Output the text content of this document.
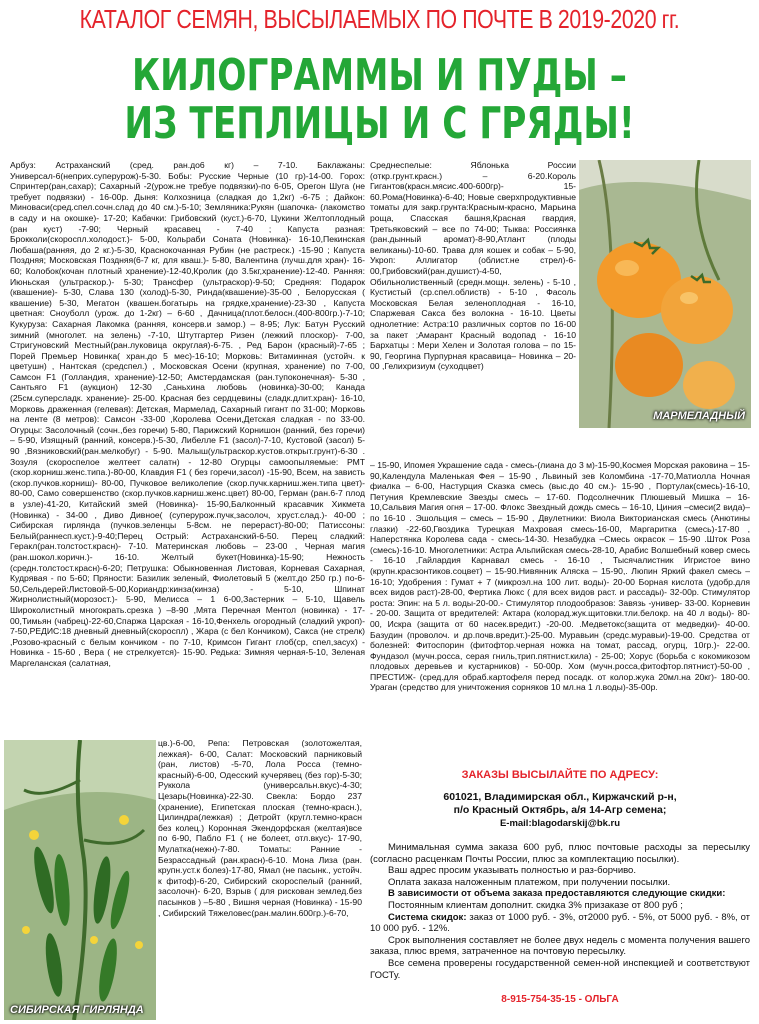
КАТАЛОГ СЕМЯН, ВЫСЫЛАЕМЫХ ПО ПОЧТЕ В 2019-2020 гг.
КИЛОГРАММЫ И ПУДЫ –
ИЗ ТЕПЛИЦЫ И С ГРЯДЫ!

Арбуз: Астраханский (сред. ран.до6 кг) – 7-10. Баклажаны: Универсал-6(неприх.суперурож)-5-30. Бобы: Русские Черные (10 гр)-14-00. Горох: Спринтер(ран,сахар); Сахарный -2(урож.не требуе подвязки)-по 6-05, Орегон Шуга (не требует подвязки) - 16-00р. Дыня: Колхозница (сладкая до 1,2кг) -6-75 ; Дайкон: Миноваси(сред.спел.сочн.слад до 40 см.)-5-10; Земляника:Рукян (шапочка- (лакомство в саду и на окошке)- 17-20; Кабачки: Грибовский (куст.)-6-70, Цукини Желтоплодный (ран куст) -7-90; Черный красавец - 7-40 ; Капуста разная: Брокколи(скороспл.холодост.)- 5-00, Кольраби Соната (Новинка)- 16-10,Пекинская Любаша(ранняя, до 2 кг.)-5-30, Краснокочанная Рубин (не растреск.) -15-90 ; Капуста Поздняя; Московская Поздняя(6-7 кг, для кваш.)- 5-80, Валентина (лучш.для хран)- 16-60; Колобок(кочан плотный хранение)-12-40,Кролик (до 3.5кг,хранение)-12-40. Ранняя: Июньская (ультраскор.)- 5-30; Трансфер (ультраскор)-9-50; Средняя: Подарок (квашение)- 5-30, Слава 130 (холод)-5-30, Ринда(квашение)-35-00 , Белорусская ( квашение) 5-30, Мегатон (квашен.богатырь на грядке,хранение)-23-30 , Капуста цветная: Сноуболл (урож. до 1-2кг) – 6-60 , Дачница(плот.белосн.(400-800гр.)-7-10; Кукуруза: Сахарная Лакомка (ранняя, консерв.и замор.) – 8-95; Лук: Батун Русский зимний (многолет. на зелень) -7-10, Штутгартер Ризен (лежкий плоскор)- 7-00, Стригуновский Местный(ран.луковица округлая)-6-75. , Ред Барон (красный)-7-65 ; Порей Премьер Новинка( хран.до 5 мес)-16-10; Морковь: Витаминная (устойч. к цветушн) , Нантская (средспел.) , Московская Осени (крупная, хранение) по 7-00, Самсон F1 (Голландия, хранение)-12-50; Амстердамская (ран.тупоконечная)- 5-30 , Сантьяго F1 (аукцион) 12-30 ,Саньхина любовь (новинка)-30-00; Канада (25см.суперсладк. хранение)- 25-00. Красная без сердцевины (сладк.длит.хран)- 16-10, Морковь драженная (гелевая): Детская, Мармелад, Сахарный гигант по 31-00; Морковь на ленте (8 метров): Самсон -33-00 ,Королева Осени,Детская сладкая - по 33-00. Огурцы: Засолочный (сочн.,без горечи) 5-80, Парижский Корнишон (ранний, без горечи) – 5-90, Изящный (ранний, консерв.)-5-30, Либелле F1 (засол)-7-10, Кустовой (засол) 5-90 ,Вязниковский(ран.мелкобуг) - 5-90. Малыш(ультраскор.кустов.открыт.грунт)-6-30 . Зозуля (скороспелое желтеет салатн) - 12-80 Огурцы самоопыляемые: РМТ (скор.корниш.женс.типа.)-80-00, Клавдия F1 ( без горечи,засол) -15-90, Всем, на зависть (скор.пучков.корниш)- 80-00, Пучковое великолепие (скор.пучк.карниш.жен.типа цвет)- 80-00, Само совершенство (скор.пучков.карниш.женс.цвет) 80-00, Герман (ран.6-7 плод в узле)-41-20, Китайский змей (Новинка)- 15-90,Балконный красавчик Хикмета (Новинка) - 34-00 , Диво Дивное( (суперурож.пучк,засолоч, хруст.слад.)- 40-00 ; Сибирская гирлянда (пучков.зеленцы 5-8см. не перераст)-80-00; Патиссоны: Белый(раннесп.куст.)-9-40;Перец Острый: Астраханский-6-50. Перец сладкий: Геракл(ран.толстост.красн)- 7-10. Материнская любовь – 23-00 , Черная магия (ран.шокол.коричн.)- 16-10. Желтый букет(Новинка)-15-90; Нежность (средн.толстост.красн)-6-20; Петрушка: Обыкновенная Листовая, Корневая Сахарная, Кудрявая - по 5-60; Пряности: Базилик зеленый, Фиолетовый 5 (желт.до 250 гр.) по-6-50,Сельдерей:Листовой-5-00,Кориандр:кинза(кинза) - 5-10, Шпинат Жирнолистный(морозост.)- 5-90, Мелисса – 1 6-00,Застерник – 5-10, Щавель Широколистный многократь.срезка ) –8-90 ,Мята Перечная Ментол (новинка) - 17-00,Тимьян (чабрец)-22-60,Спаржа Царская - 16-10,Фенхель огородный (сладкий укроп)- 7-50,РЕДИС:18 дневный дневный(скороспл) , Жара (с бел Кончиком), Сакса (не стрелк) ,Розово-красный с белым кончиком - по 7-10, Кримсон Гигант глоб(ср, спел,засух) - Новинка - 15-60 , Вера ( не стрелкуется)- 15-90. Редька: Зимняя черная-5-10, Зеленая Маргеланская (салатная,

Среднеспелые: Яблонька России (откр.грунт.красн.) – 6-20.Король Гигантов(красн.мясис.400-600гр)- 15-60.Рома(Новинка)-6-40; Новые сверхпродуктивные томаты для закр.грунта:Красным-красно, Марьина роща, Спасская башня,Красная гвардия, Третьяковский – все по 74-00; Тыква: Россиянка (ран.дынный аромат)-8-90,Атлант (плоды великаны)-10-60. Трава для кошек и собак – 5-90, Укроп: Аллигатор (облист.не стрел)-6-00,Грибовский(ран.душист)-4-50, Обильнолиственный (средн.мощн. зелень) - 5-10 , Кустистый (ср.спел.облиств) - 5-10 , Фасоль Московская Белая зеленоплодная - 16-10, Спаржевая Сакса без волокна - 16-10. Цветы однолетние: Астра:10 различных сортов по 16-00 за пакет ;Амарант Красный водопад - 16-10 Бархатцы : Мери Хелен и Золотая голова – по 15-90, Георгина Пурпурная красавица– Новинка – 20-00 ,Гелихризиум (суходцвет)

МАРМЕЛАДНЫЙ

– 15-90, Ипомея Украшение сада - смесь-(лиана до 3 м)-15-90,Космея Морская раковина – 15-90,Календула Маленькая Фея – 15-90 , Львиный зев Коломбина -17-70,Матиолла Ночная фиалка – 6-00, Настурция Сказка смесь (выс.до 40 см.)- 15-90 , Портулак(смесь)-16-10, Петуния Кремлевские Звезды смесь – 17-60. Подсолнечник Плюшевый Мишка – 16-10,Сальвия Магия огня – 17-00. Флокс Звездный дождь смесь – 16-10, Циния –смеси(2 вида)– по 16-10 . Эшольция – смесь – 15-90 , Двулетники: Виола Викторианская смесь (Анютины глазки) -22-60,Гвоздика Турецкая Махровая смесь-16-00, Маргаритка (смесь)-17-80 , Наперстянка Королева сада - смесь-14-30. Незабудка –Смесь окрасок – 15-90 .Шток Роза (смесь)-16-10. Многолетники: Астра Альпийская смесь-28-10, Арабис Волшебный ковер смесь - 16-10 ,Гайлардия Карнавал смесь - 16-10 , Тысячалистник Игристое вино (крупн.красзонтиков.соцвет) – 15-90.Нивянник Аляска – 15-90,. Люпин Яркий факел смесь – 16-10; Удобрения : Гумат + 7 (микроэл.на 100 лит. воды)- 20-00 Борная кислота (удобр.для всех видов раст)-28-00, Фертика Люкс ( для всех видов раст. и рассады)- 32-00р. Стимулятор роста: Эпин: на 5 л. воды-20-00.- Стимулятор плодообразов: Завязь -универ- 33-00. Корневин - 20-00. Защита от вредителей: Актара (колорад.жук.щитовки.тли.белокр. на 40 л воды)- 80-00, Искра (защита от 60 насек.вредит.) -20-00. .Медветокс(защита от медведки)- 40-00. Базудин (проволоч. и др.почв.вредит.)-25-00. Муравьин (средс.муравьи)-19-00. Средства от болезней: Фитоспорин (фитофтор.черная ножка на томат, рассад, огурц, 10гр.)- 22-00. Фундазол (мучн.росса, серая гниль,трип.пятнист.кила) - 25-00; Хорус (борьба с кокомикозом плодовых деревьев и кустарников) - 50-00р. Хом (мучн.росса,фитофтор.пятнист)-50-00 , ПРЕСТИЖ- (сред.для обраб.картофеля перед посадк. от колор.жука 20мл.на 20кг)- 180-00. Ураган (средство для уничтожения сорняков 10 мл.на 1 л.воды)-35-00р.

СИБИРСКАЯ ГИРЛЯНДА

цв.)-6-00, Репа: Петровская (золотожелтая, лежкая)- 6-00, Салат: Московский парниковый (ран, листов) -5-70, Лола Росса (темно-красный)-6-00, Одесский кучерявец (без гор)-5-30; Руккола (универсальн.вкус)-4-30; Цезарь(Новинка)-22-30. Свекла: Бордо 237 (хранение), Египетская плоская (темно-красн.), Цилиндра(лежкая) ; Детройт (кругл.темно-красн без колец.) Коронная Экендорфская (желтая)все по 6-90, Пабло F1 ( не болеет, отл.вкус)- 17-90, Мулатка(нежн)-7-80. Томаты: Ранние - Безрассадный (ран.красн)-6-10. Мона Лиза (ран. крупн.уст.к болез)-17-80, Ямал (не пасынк., устойч. к фитоф)-6-20, Сибирский скороспелый (ранний, засолочн)- 6-20, Взрыв ( для рискован землед.без пасынков ) –5-80 , Вишня черная (Новинка) - 15-90 , Сибирский Тяжеловес(ран.малин.600гр.)-6-70,

ЗАКАЗЫ ВЫСЫЛАЙТЕ ПО АДРЕСУ:
601021, Владимирская обл., Киржачский р-н,
п/о Красный Октябрь, а/я 14-Агр семена;
E-mail:blagodarskij@bk.ru

Минимальная сумма заказа 600 руб, плюс почтовые расходы за пересылку (согласно расценкам Почты России, плюс за комплектацию посылки).

Ваш адрес просим указывать полностью и раз-борчиво.

Оплата заказа наложенным платежом, при получении посылки.

В зависимости от объема заказа предоставляются следующие скидки:

Постоянным клиентам дополнит. скидка 3% призаказе от 800 руб ;

Система скидок: заказ от 1000 руб. - 3%, от2000 руб. - 5%, от 5000 руб. - 8%, от 10 000 руб. - 12%.

Срок выполнения составляет не более двух недель с момента получения вашего заказа, плюс время, затраченное на почтовую пересылку.

Все семена проверены государственной семен-ной инспекцией и соответствуют ГОСТу.

8-915-754-35-15 - ОЛЬГА
